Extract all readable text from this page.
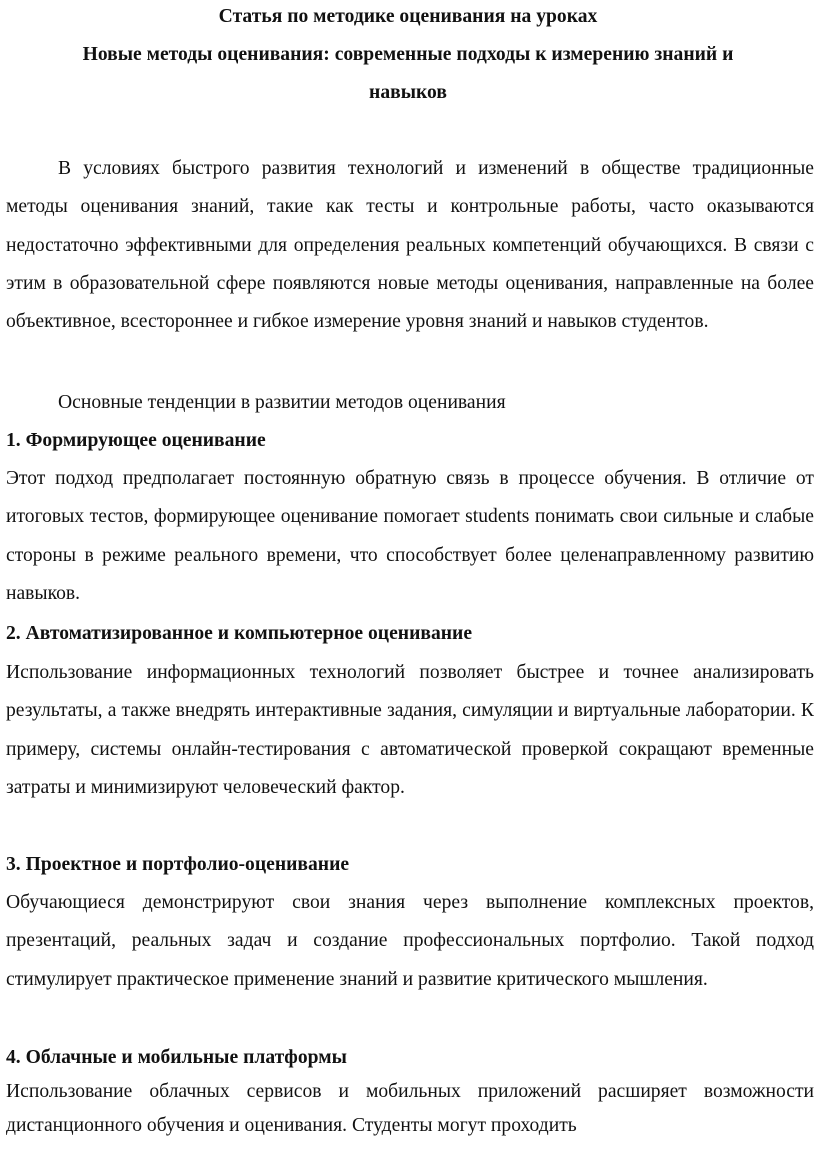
Статья по методике оценивания на уроках

Новые методы оценивания: современные подходы к измерению знаний и

навыков

В условиях быстрого развития технологий и изменений в обществе традиционные методы оценивания знаний, такие как тесты и контрольные работы, часто оказываются недостаточно эффективными для определения реальных компетенций обучающихся. В связи с этим в образовательной сфере появляются новые методы оценивания, направленные на более объективное, всестороннее и гибкое измерение уровня знаний и навыков студентов.

Основные тенденции в развитии методов оценивания

1. Формирующее оценивание

Этот подход предполагает постоянную обратную связь в процессе обучения. В отличие от итоговых тестов, формирующее оценивание помогает students понимать свои сильные и слабые стороны в режиме реального времени, что способствует более целенаправленному развитию навыков.

2. Автоматизированное и компьютерное оценивание

Использование информационных технологий позволяет быстрее и точнее анализировать результаты, а также внедрять интерактивные задания, симуляции и виртуальные лаборатории. К примеру, системы онлайн-тестирования с автоматической проверкой сокращают временные затраты и минимизируют человеческий фактор.

3. Проектное и портфолио-оценивание

Обучающиеся демонстрируют свои знания через выполнение комплексных проектов, презентаций, реальных задач и создание профессиональных портфолио. Такой подход стимулирует практическое применение знаний и развитие критического мышления.

4. Облачные и мобильные платформы

Использование облачных сервисов и мобильных приложений расширяет возможности дистанционного обучения и оценивания. Студенты могут проходить
